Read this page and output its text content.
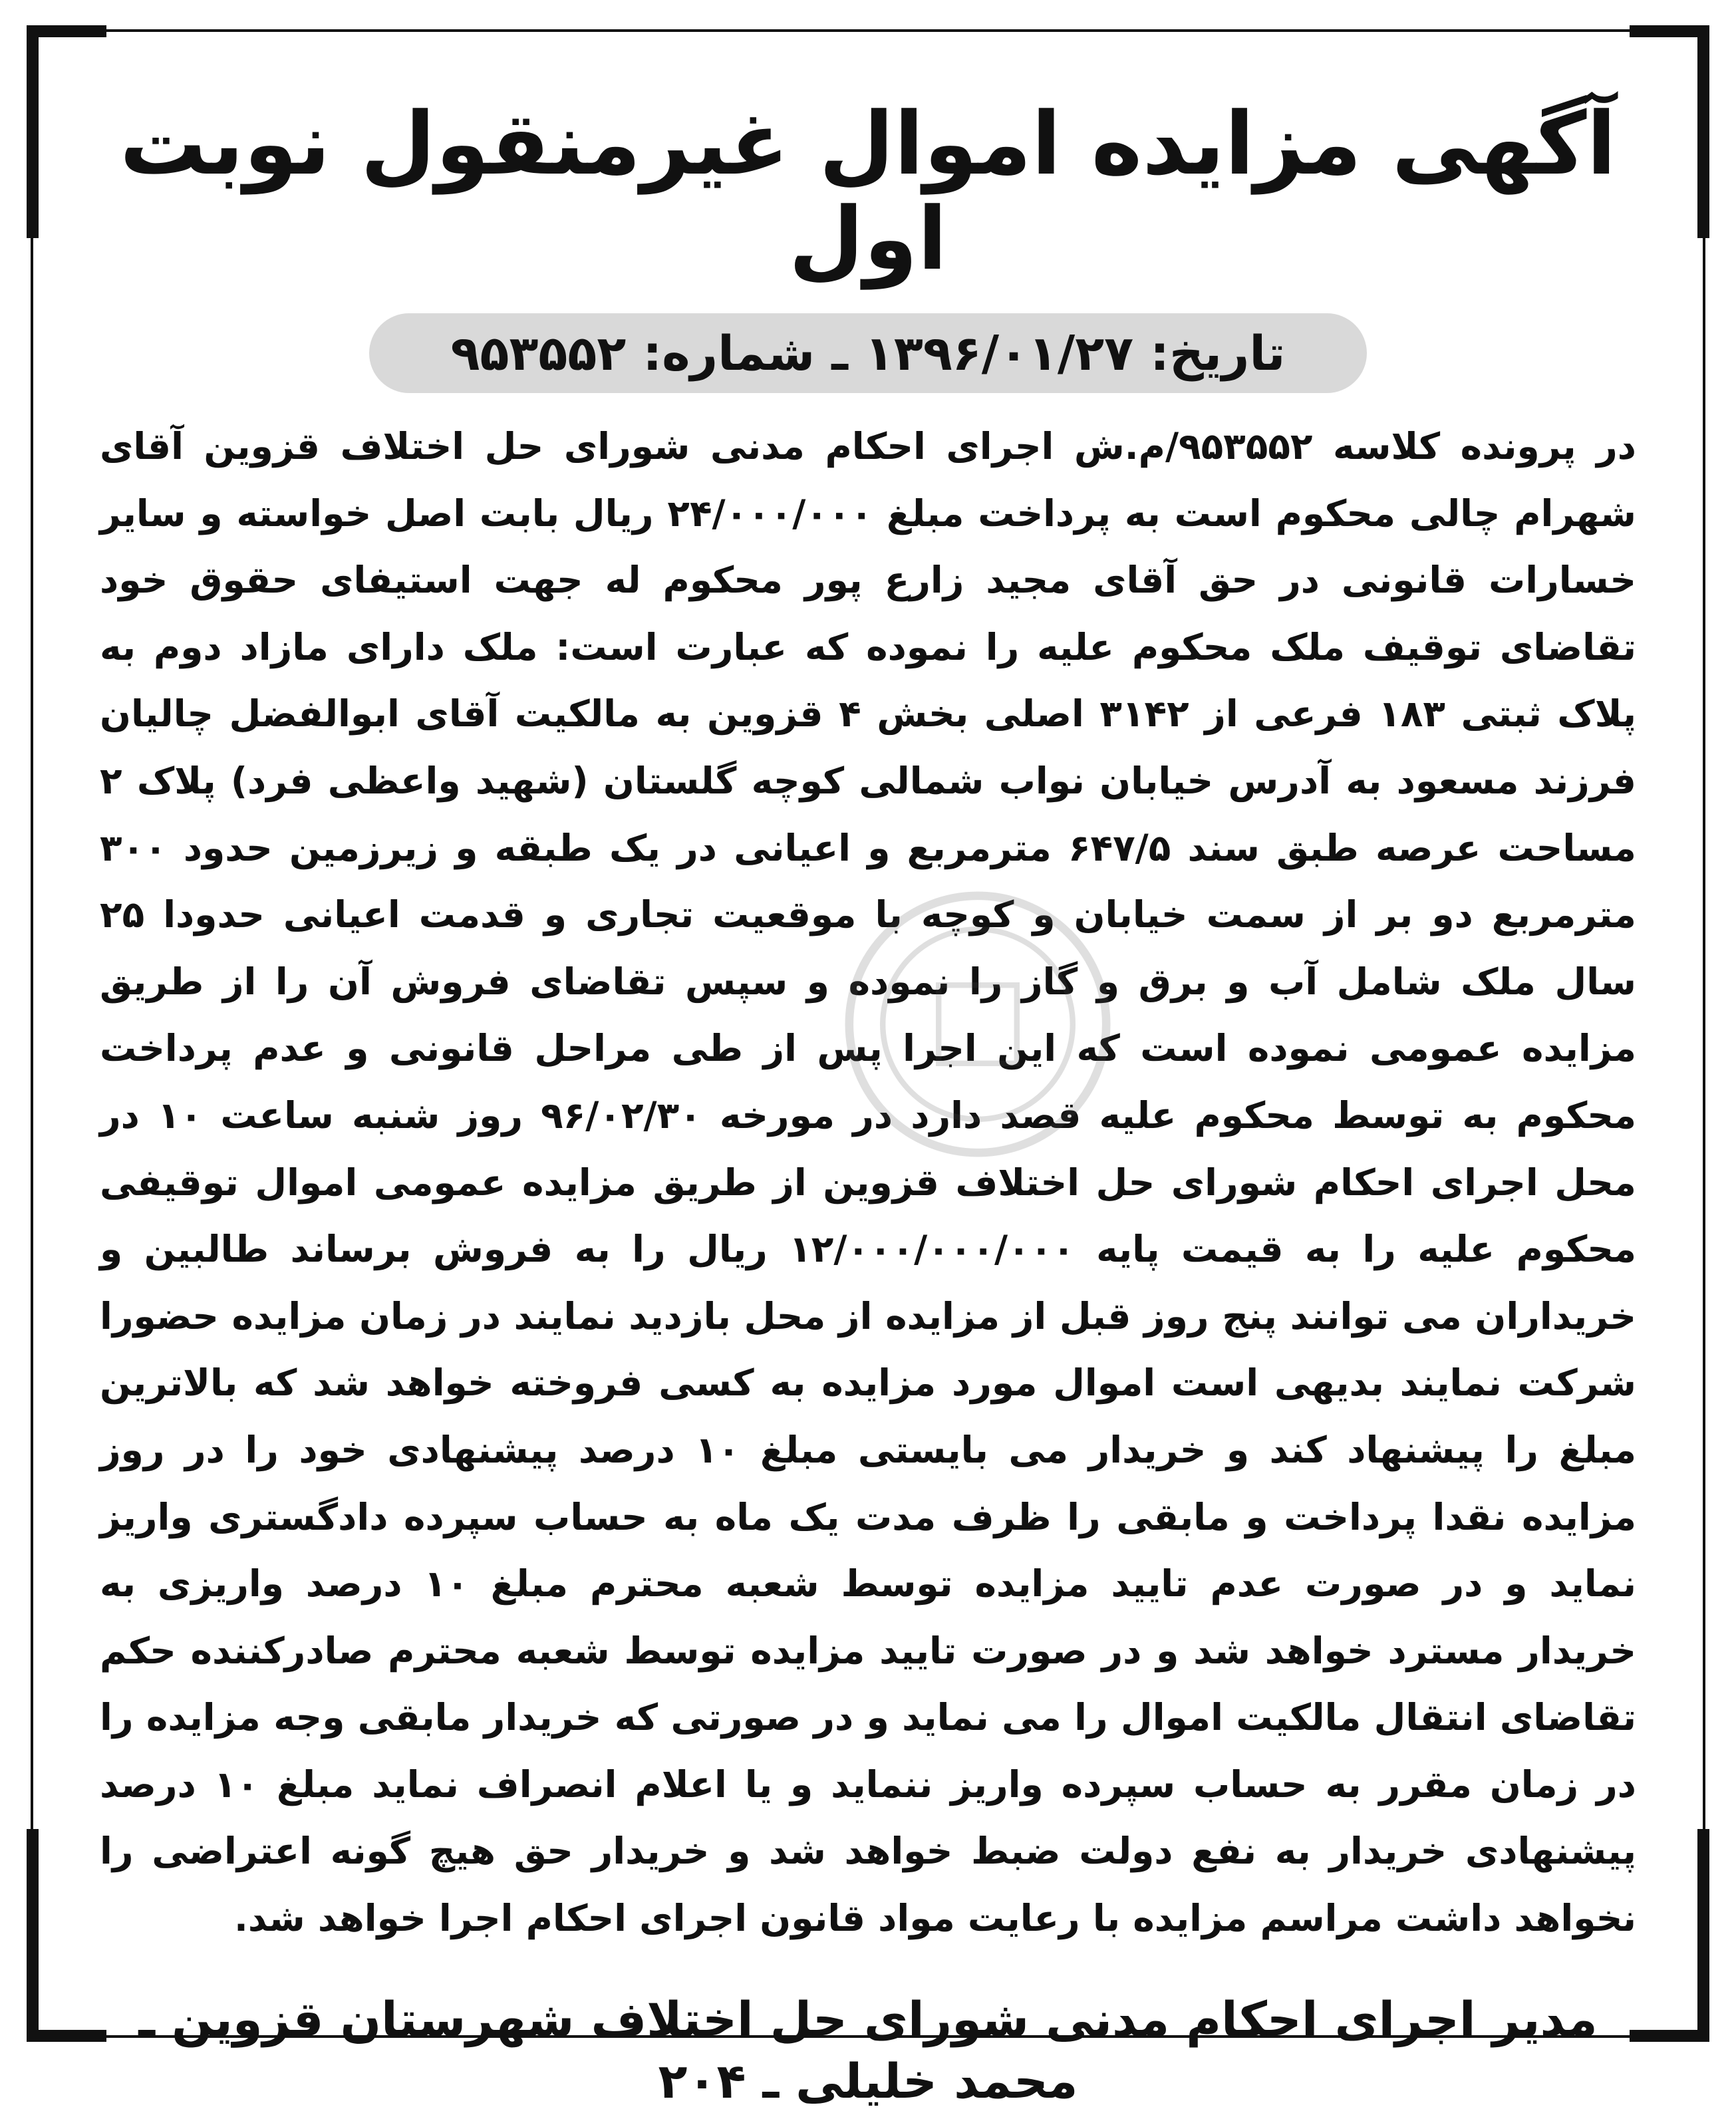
آگهی مزایده اموال غیرمنقول نوبت اول
تاریخ: ۱۳۹۶/۰۱/۲۷ ـ شماره: ۹۵۳۵۵۲

در پرونده کلاسه ۹۵۳۵۵۲/م.ش اجرای احکام مدنی شورای حل اختلاف قزوین آقای شهرام چالی محکوم است به پرداخت مبلغ ۲۴/۰۰۰/۰۰۰ ریال بابت اصل خواسته و سایر خسارات قانونی در حق آقای مجید زارع پور محکوم له جهت استیفای حقوق خود تقاضای توقیف ملک محکوم علیه را نموده که عبارت است: ملک دارای مازاد دوم به پلاک ثبتی ۱۸۳ فرعی از ۳۱۴۲ اصلی بخش ۴ قزوین به مالکیت آقای ابوالفضل چالیان فرزند مسعود به آدرس خیابان نواب شمالی کوچه گلستان (شهید واعظی فرد) پلاک ۲ مساحت عرصه طبق سند ۶۴۷/۵ مترمربع و اعیانی در یک طبقه و زیرزمین حدود ۳۰۰ مترمربع دو بر از سمت خیابان و کوچه با موقعیت تجاری و قدمت اعیانی حدودا ۲۵ سال ملک شامل آب و برق و گاز را نموده و سپس تقاضای فروش آن را از طریق مزایده عمومی نموده است که این اجرا پس از طی مراحل قانونی و عدم پرداخت محکوم به توسط محکوم علیه قصد دارد در مورخه ۹۶/۰۲/۳۰ روز شنبه ساعت ۱۰ در محل اجرای احکام شورای حل اختلاف قزوین از طریق مزایده عمومی اموال توقیفی محکوم علیه را به قیمت پایه ۱۲/۰۰۰/۰۰۰/۰۰۰ ریال را به فروش برساند طالبین و خریداران می توانند پنج روز قبل از مزایده از محل بازدید نمایند در زمان مزایده حضورا شرکت نمایند بدیهی است اموال مورد مزایده به کسی فروخته خواهد شد که بالاترین مبلغ را پیشنهاد کند و خریدار می بایستی مبلغ ۱۰ درصد پیشنهادی خود را در روز مزایده نقدا پرداخت و مابقی را ظرف مدت یک ماه به حساب سپرده دادگستری واریز نماید و در صورت عدم تایید مزایده توسط شعبه محترم مبلغ ۱۰ درصد واریزی به خریدار مسترد خواهد شد و در صورت تایید مزایده توسط شعبه محترم صادرکننده حکم تقاضای انتقال مالکیت اموال را می نماید و در صورتی که خریدار مابقی وجه مزایده را در زمان مقرر به حساب سپرده واریز ننماید و یا اعلام انصراف نماید مبلغ ۱۰ درصد پیشنهادی خریدار به نفع دولت ضبط خواهد شد و خریدار حق هیچ گونه اعتراضی را نخواهد داشت مراسم مزایده با رعایت مواد قانون اجرای احکام اجرا خواهد شد.

مدیر اجرای احکام مدنی شورای حل اختلاف شهرستان قزوین ـ محمد خلیلی ـ ۲۰۴
